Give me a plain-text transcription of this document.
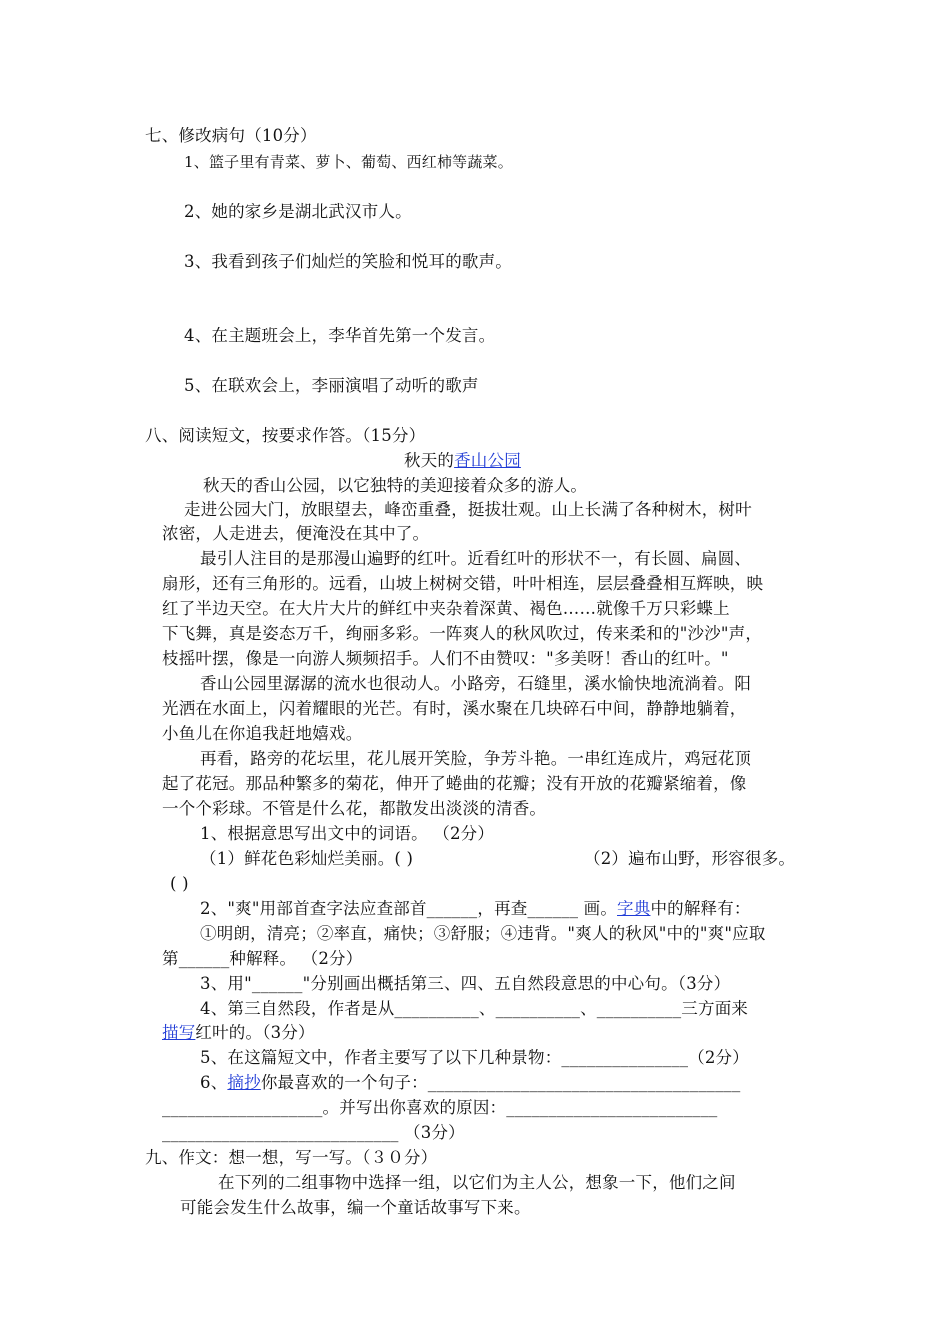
七、修改病句（10分）
1、篮子里有青菜、萝卜、葡萄、西红柿等蔬菜。
2、她的家乡是湖北武汉市人。
3、我看到孩子们灿烂的笑脸和悦耳的歌声。
4、在主题班会上，李华首先第一个发言。
5、在联欢会上，李丽演唱了动听的歌声
八、阅读短文，按要求作答。（15分）
秋天的香山公园
秋天的香山公园，以它独特的美迎接着众多的游人。
走进公园大门，放眼望去，峰峦重叠，挺拔壮观。山上长满了各种树木，树叶
浓密，人走进去，便淹没在其中了。
最引人注目的是那漫山遍野的红叶。近看红叶的形状不一，有长圆、扁圆、
扇形，还有三角形的。远看，山坡上树树交错，叶叶相连，层层叠叠相互辉映，映
红了半边天空。在大片大片的鲜红中夹杂着深黄、褐色……就像千万只彩蝶上
下飞舞，真是姿态万千，绚丽多彩。一阵爽人的秋风吹过，传来柔和的"沙沙"声，
枝摇叶摆，像是一向游人频频招手。人们不由赞叹："多美呀！香山的红叶。"
香山公园里潺潺的流水也很动人。小路旁，石缝里，溪水愉快地流淌着。阳
光洒在水面上，闪着耀眼的光芒。有时，溪水聚在几块碎石中间，静静地躺着，
小鱼儿在你追我赶地嬉戏。
再看，路旁的花坛里，花儿展开笑脸，争芳斗艳。一串红连成片，鸡冠花顶
起了花冠。那品种繁多的菊花，伸开了蜷曲的花瓣；没有开放的花瓣紧缩着，像
一个个彩球。不管是什么花，都散发出淡淡的清香。
1、根据意思写出文中的词语。 （2分）
（1）鲜花色彩灿烂美丽。( )	（2）遍布山野，形容很多。
( )
2、"爽"用部首查字法应查部首______，再查______ 画。字典中的解释有：
①明朗，清亮；②率直，痛快；③舒服；④违背。"爽人的秋风"中的"爽"应取
第______种解释。 （2分）
3、用"______"分别画出概括第三、四、五自然段意思的中心句。（3分）
4、第三自然段，作者是从__________、__________、__________三方面来
描写红叶的。（3分）
5、在这篇短文中，作者主要写了以下几种景物：_______________（2分）
6、摘抄你最喜欢的一个句子：_____________________________________
___________________。并写出你喜欢的原因：_________________________
____________________________ （3分）
九、作文：想一想，写一写。（３０分）
在下列的二组事物中选择一组，以它们为主人公，想象一下，他们之间
可能会发生什么故事，编一个童话故事写下来。
